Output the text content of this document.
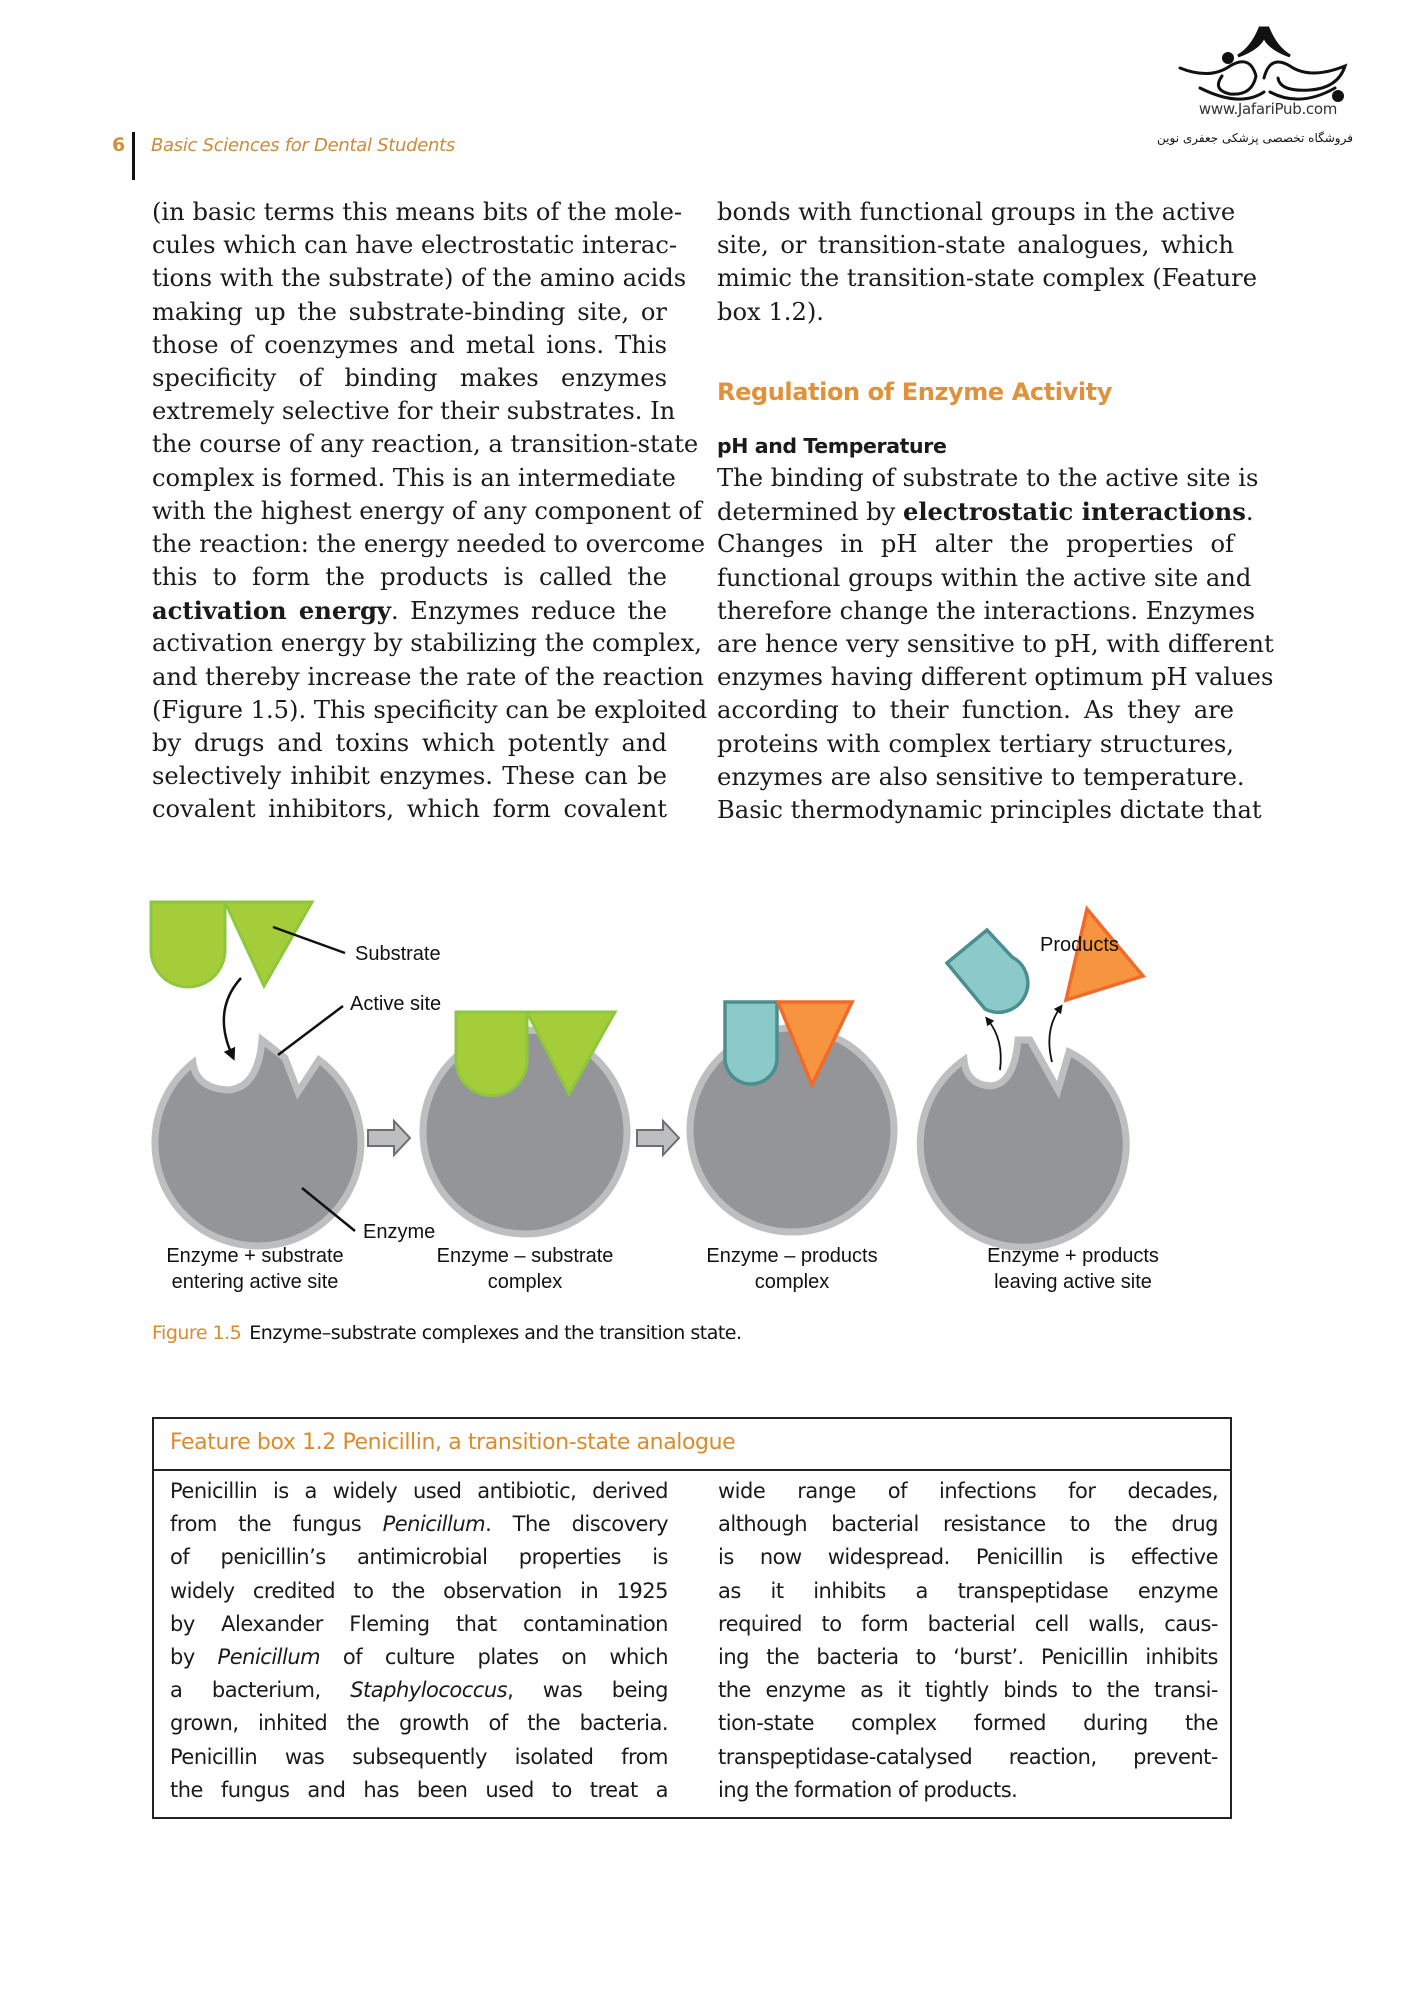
6 Basic Sciences for Dental Students
www.JafariPub.com
فروشگاه تخصصی پزشکی جعفری نوین
(in basic terms this means bits of the mole-
cules which can have electrostatic interac-
tions with the substrate) of the amino acids
making up the substrate-binding site, or
those of coenzymes and metal ions. This
specificity of binding makes enzymes
extremely selective for their substrates. In
the course of any reaction, a transition-state
complex is formed. This is an intermediate
with the highest energy of any component of
the reaction: the energy needed to overcome
this to form the products is called the
activation energy. Enzymes reduce the
activation energy by stabilizing the complex,
and thereby increase the rate of the reaction
(Figure 1.5). This specificity can be exploited
by drugs and toxins which potently and
selectively inhibit enzymes. These can be
covalent inhibitors, which form covalent
bonds with functional groups in the active
site, or transition-state analogues, which
mimic the transition-state complex (Feature
box 1.2).
Regulation of Enzyme Activity
pH and Temperature
The binding of substrate to the active site is
determined by electrostatic interactions.
Changes in pH alter the properties of
functional groups within the active site and
therefore change the interactions. Enzymes
are hence very sensitive to pH, with different
enzymes having different optimum pH values
according to their function. As they are
proteins with complex tertiary structures,
enzymes are also sensitive to temperature.
Basic thermodynamic principles dictate that
Substrate
Active site
Enzyme
Products
Enzyme + substrate
entering active site
Enzyme – substrate
complex
Enzyme – products
complex
Enzyme + products
leaving active site
Figure 1.5 Enzyme–substrate complexes and the transition state.
Feature box 1.2 Penicillin, a transition-state analogue
Penicillin is a widely used antibiotic, derived
from the fungus Penicillum. The discovery
of penicillin’s antimicrobial properties is
widely credited to the observation in 1925
by Alexander Fleming that contamination
by Penicillum of culture plates on which
a bacterium, Staphylococcus, was being
grown, inhited the growth of the bacteria.
Penicillin was subsequently isolated from
the fungus and has been used to treat a
wide range of infections for decades,
although bacterial resistance to the drug
is now widespread. Penicillin is effective
as it inhibits a transpeptidase enzyme
required to form bacterial cell walls, caus-
ing the bacteria to ‘burst’. Penicillin inhibits
the enzyme as it tightly binds to the transi-
tion-state complex formed during the
transpeptidase-catalysed reaction, prevent-
ing the formation of products.
